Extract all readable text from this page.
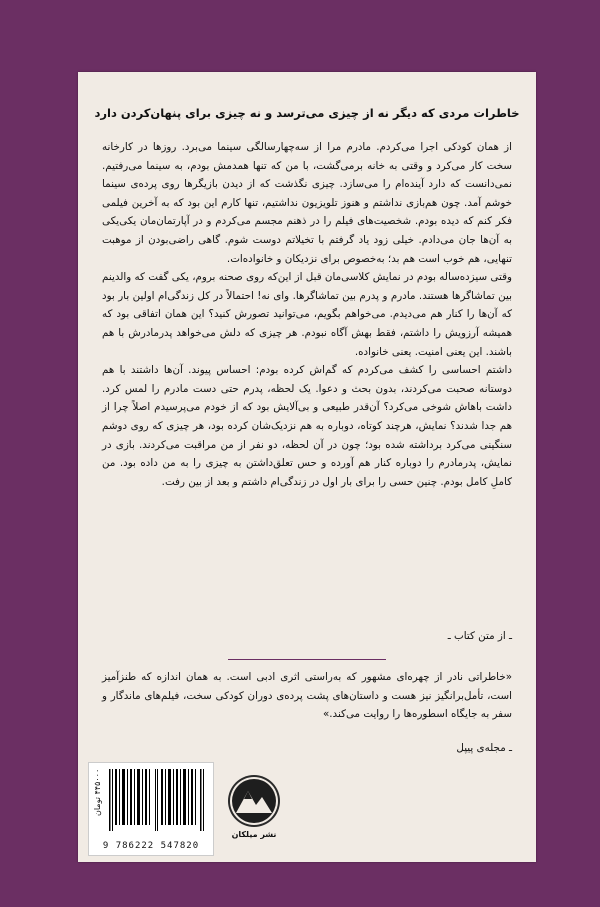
خاطرات مردی که دیگر نه از چیزی می‌ترسد و نه چیزی برای پنهان‌کردن دارد

از همان کودکی اجرا می‌کردم. مادرم مرا از سه‌چهارسالگی سینما می‌برد. روزها در کارخانه سخت کار می‌کرد و وقتی به خانه برمی‌گشت، با من که تنها همدمش بودم، به سینما می‌رفتیم. نمی‌دانست که دارد آینده‌ام را می‌سازد. چیزی نگذشت که از دیدن بازیگرها روی پرده‌ی سینما خوشم آمد. چون هم‌بازی نداشتم و هنوز تلویزیون نداشتیم، تنها کارم این بود که به آخرین فیلمی فکر کنم که دیده بودم. شخصیت‌های فیلم را در ذهنم مجسم می‌کردم و در آپارتمان‌مان یکی‌یکی به آن‌ها جان می‌دادم. خیلی زود یاد گرفتم با تخیلاتم دوست شوم. گاهی راضی‌بودن از موهبت تنهایی، هم خوب است هم بد؛ به‌خصوص برای نزدیکان و خانواده‌ات.

وقتی سیزده‌ساله بودم در نمایش کلاسی‌مان قبل از این‌که روی صحنه بروم، یکی گفت که والدینم بین تماشاگرها هستند. مادرم و پدرم بین تماشاگرها. وای نه! احتمالاً در کل زندگی‌ام اولین بار بود که آن‌ها را کنار هم می‌دیدم. می‌خواهم بگویم، می‌توانید تصورش کنید؟ این همان اتفاقی بود که همیشه آرزویش را داشتم، فقط بهش آگاه نبودم. هر چیزی که دلش می‌خواهد پدرمادرش با هم باشند. این یعنی امنیت. یعنی خانواده.

داشتم احساسی را کشف می‌کردم که گم‌اش کرده بودم: احساس پیوند. آن‌ها داشتند با هم دوستانه صحبت می‌کردند، بدون بحث و دعوا. یک لحظه، پدرم حتی دست مادرم را لمس کرد. داشت باهاش شوخی می‌کرد؟ آن‌قدر طبیعی و بی‌آلایش بود که از خودم می‌پرسیدم اصلاً چرا از هم جدا شدند؟ نمایش، هرچند کوتاه، دوباره به هم نزدیک‌شان کرده بود، هر چیزی که روی دوشم سنگینی می‌کرد برداشته شده بود؛ چون در آن لحظه، دو نفر از من مراقبت می‌کردند. بازی در نمایش، پدرمادرم را دوباره کنار هم آورده و حس تعلق‌داشتن به چیزی را به من داده بود. من کاملِ کامل بودم. چنین حسی را برای بار اول در زندگی‌ام داشتم و بعد از بین رفت.

ـ از متن کتاب ـ
«خاطراتی نادر از چهره‌ای مشهور که به‌راستی اثری ادبی است. به همان اندازه که طنزآمیز است، تأمل‌برانگیز نیز هست و داستان‌های پشت پرده‌ی دوران کودکی سخت، فیلم‌های ماندگار و سفر به جایگاه اسطوره‌ها را روایت می‌کند.»
ـ مجله‌ی پیپل
۴۴۵۰۰۰ تومان
9 786222 547820
نشر میلکان
